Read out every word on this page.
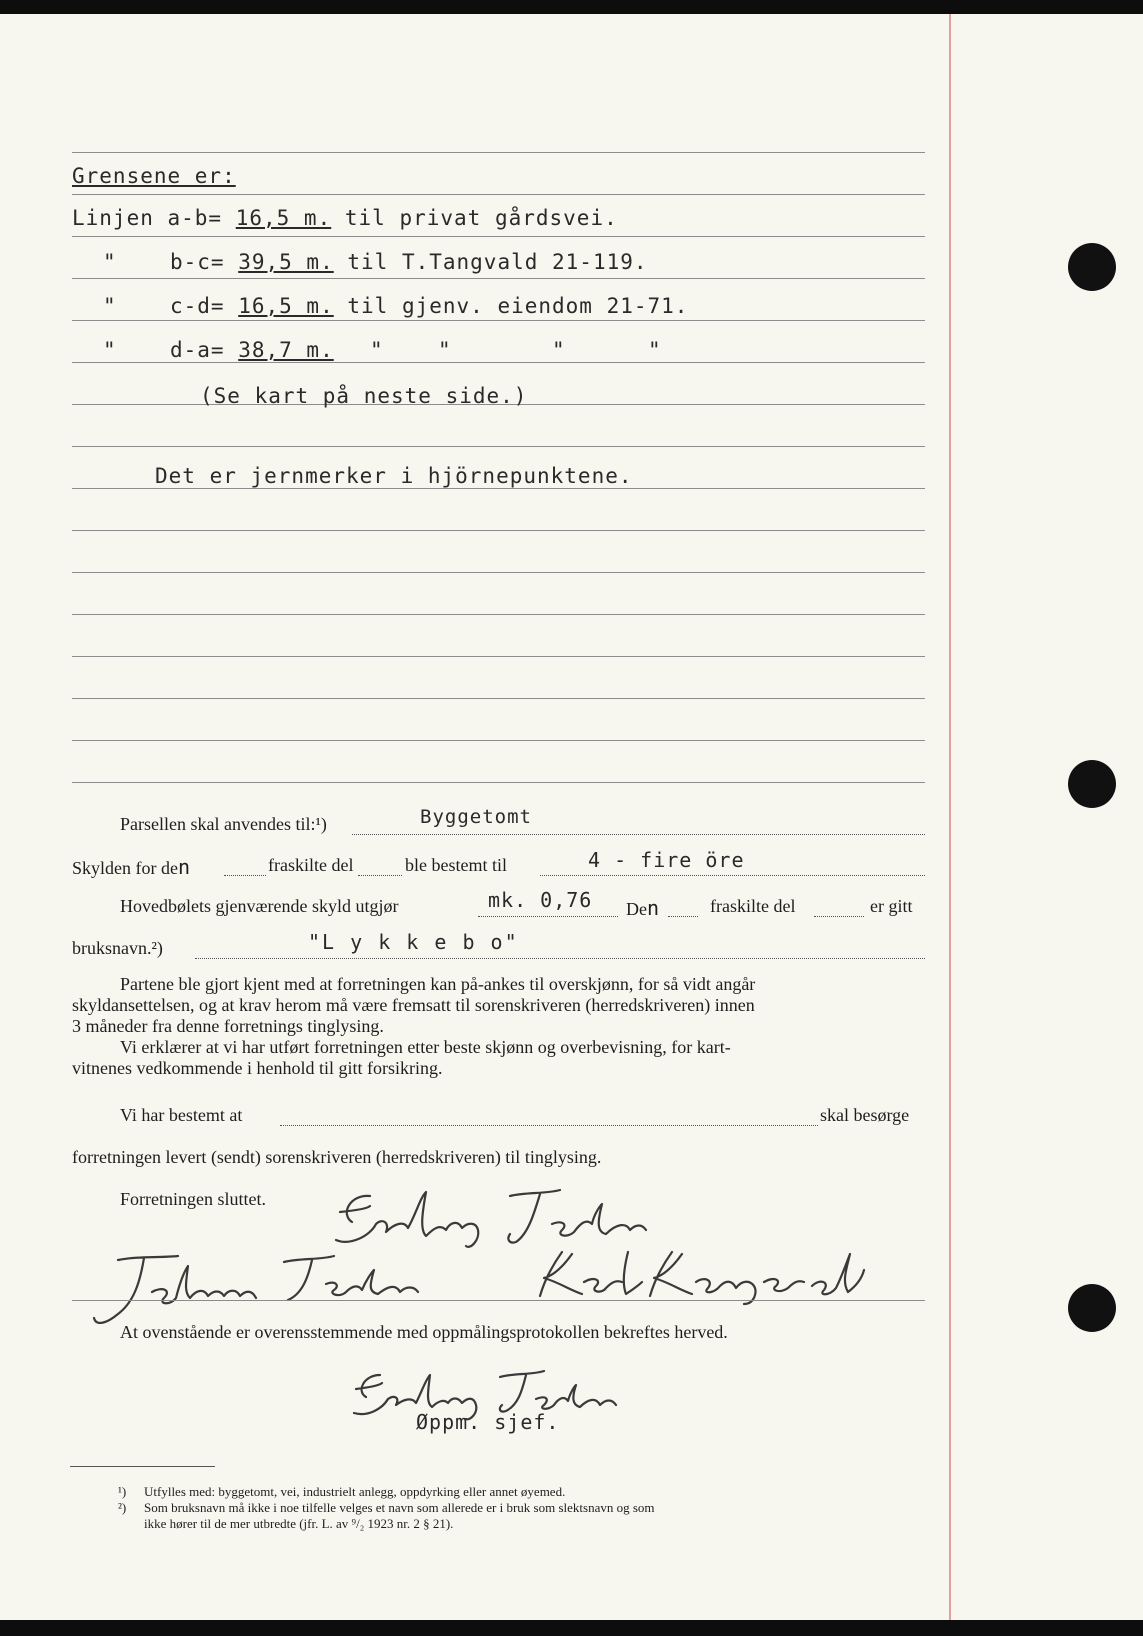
Grensene er:
Linjen a-b= 16,5 m. til privat gårdsvei.
"	b-c= 39,5 m. til T.Tangvald 21-119.
"	c-d= 16,5 m. til gjenv. eiendom 21-71.
"	d-a= 38,7 m. "	"	"	"
(Se kart på neste side.)
Det er jernmerker i hjörnepunktene.
Parsellen skal anvendes til:¹)	Byggetomt
Skylden for den	fraskilte del	ble bestemt til	4 - fire öre
Hovedbølets gjenværende skyld utgjør	mk. 0,76 Den	fraskilte del	er gitt
bruksnavn.²)	"L y k k e b o"
Partene ble gjort kjent med at forretningen kan på-ankes til overskjønn, for så vidt angår
skyldansettelsen, og at krav herom må være fremsatt til sorenskriveren (herredskriveren) innen
3 måneder fra denne forretnings tinglysing.
Vi erklærer at vi har utført forretningen etter beste skjønn og overbevisning, for kart-
vitnenes vedkommende i henhold til gitt forsikring.
Vi har bestemt at	skal besørge
forretningen levert (sendt) sorenskriveren (herredskriveren) til tinglysing.
Forretningen sluttet.
Øppm. sjef.
At ovenstående er overensstemmende med oppmålingsprotokollen bekreftes herved.
¹) Utfylles med: byggetomt, vei, industrielt anlegg, oppdyrking eller annet øyemed.
²) Som bruksnavn må ikke i noe tilfelle velges et navn som allerede er i bruk som slektsnavn og som
ikke hører til de mer utbredte (jfr. L. av ⁹/₂ 1923 nr. 2 § 21).
